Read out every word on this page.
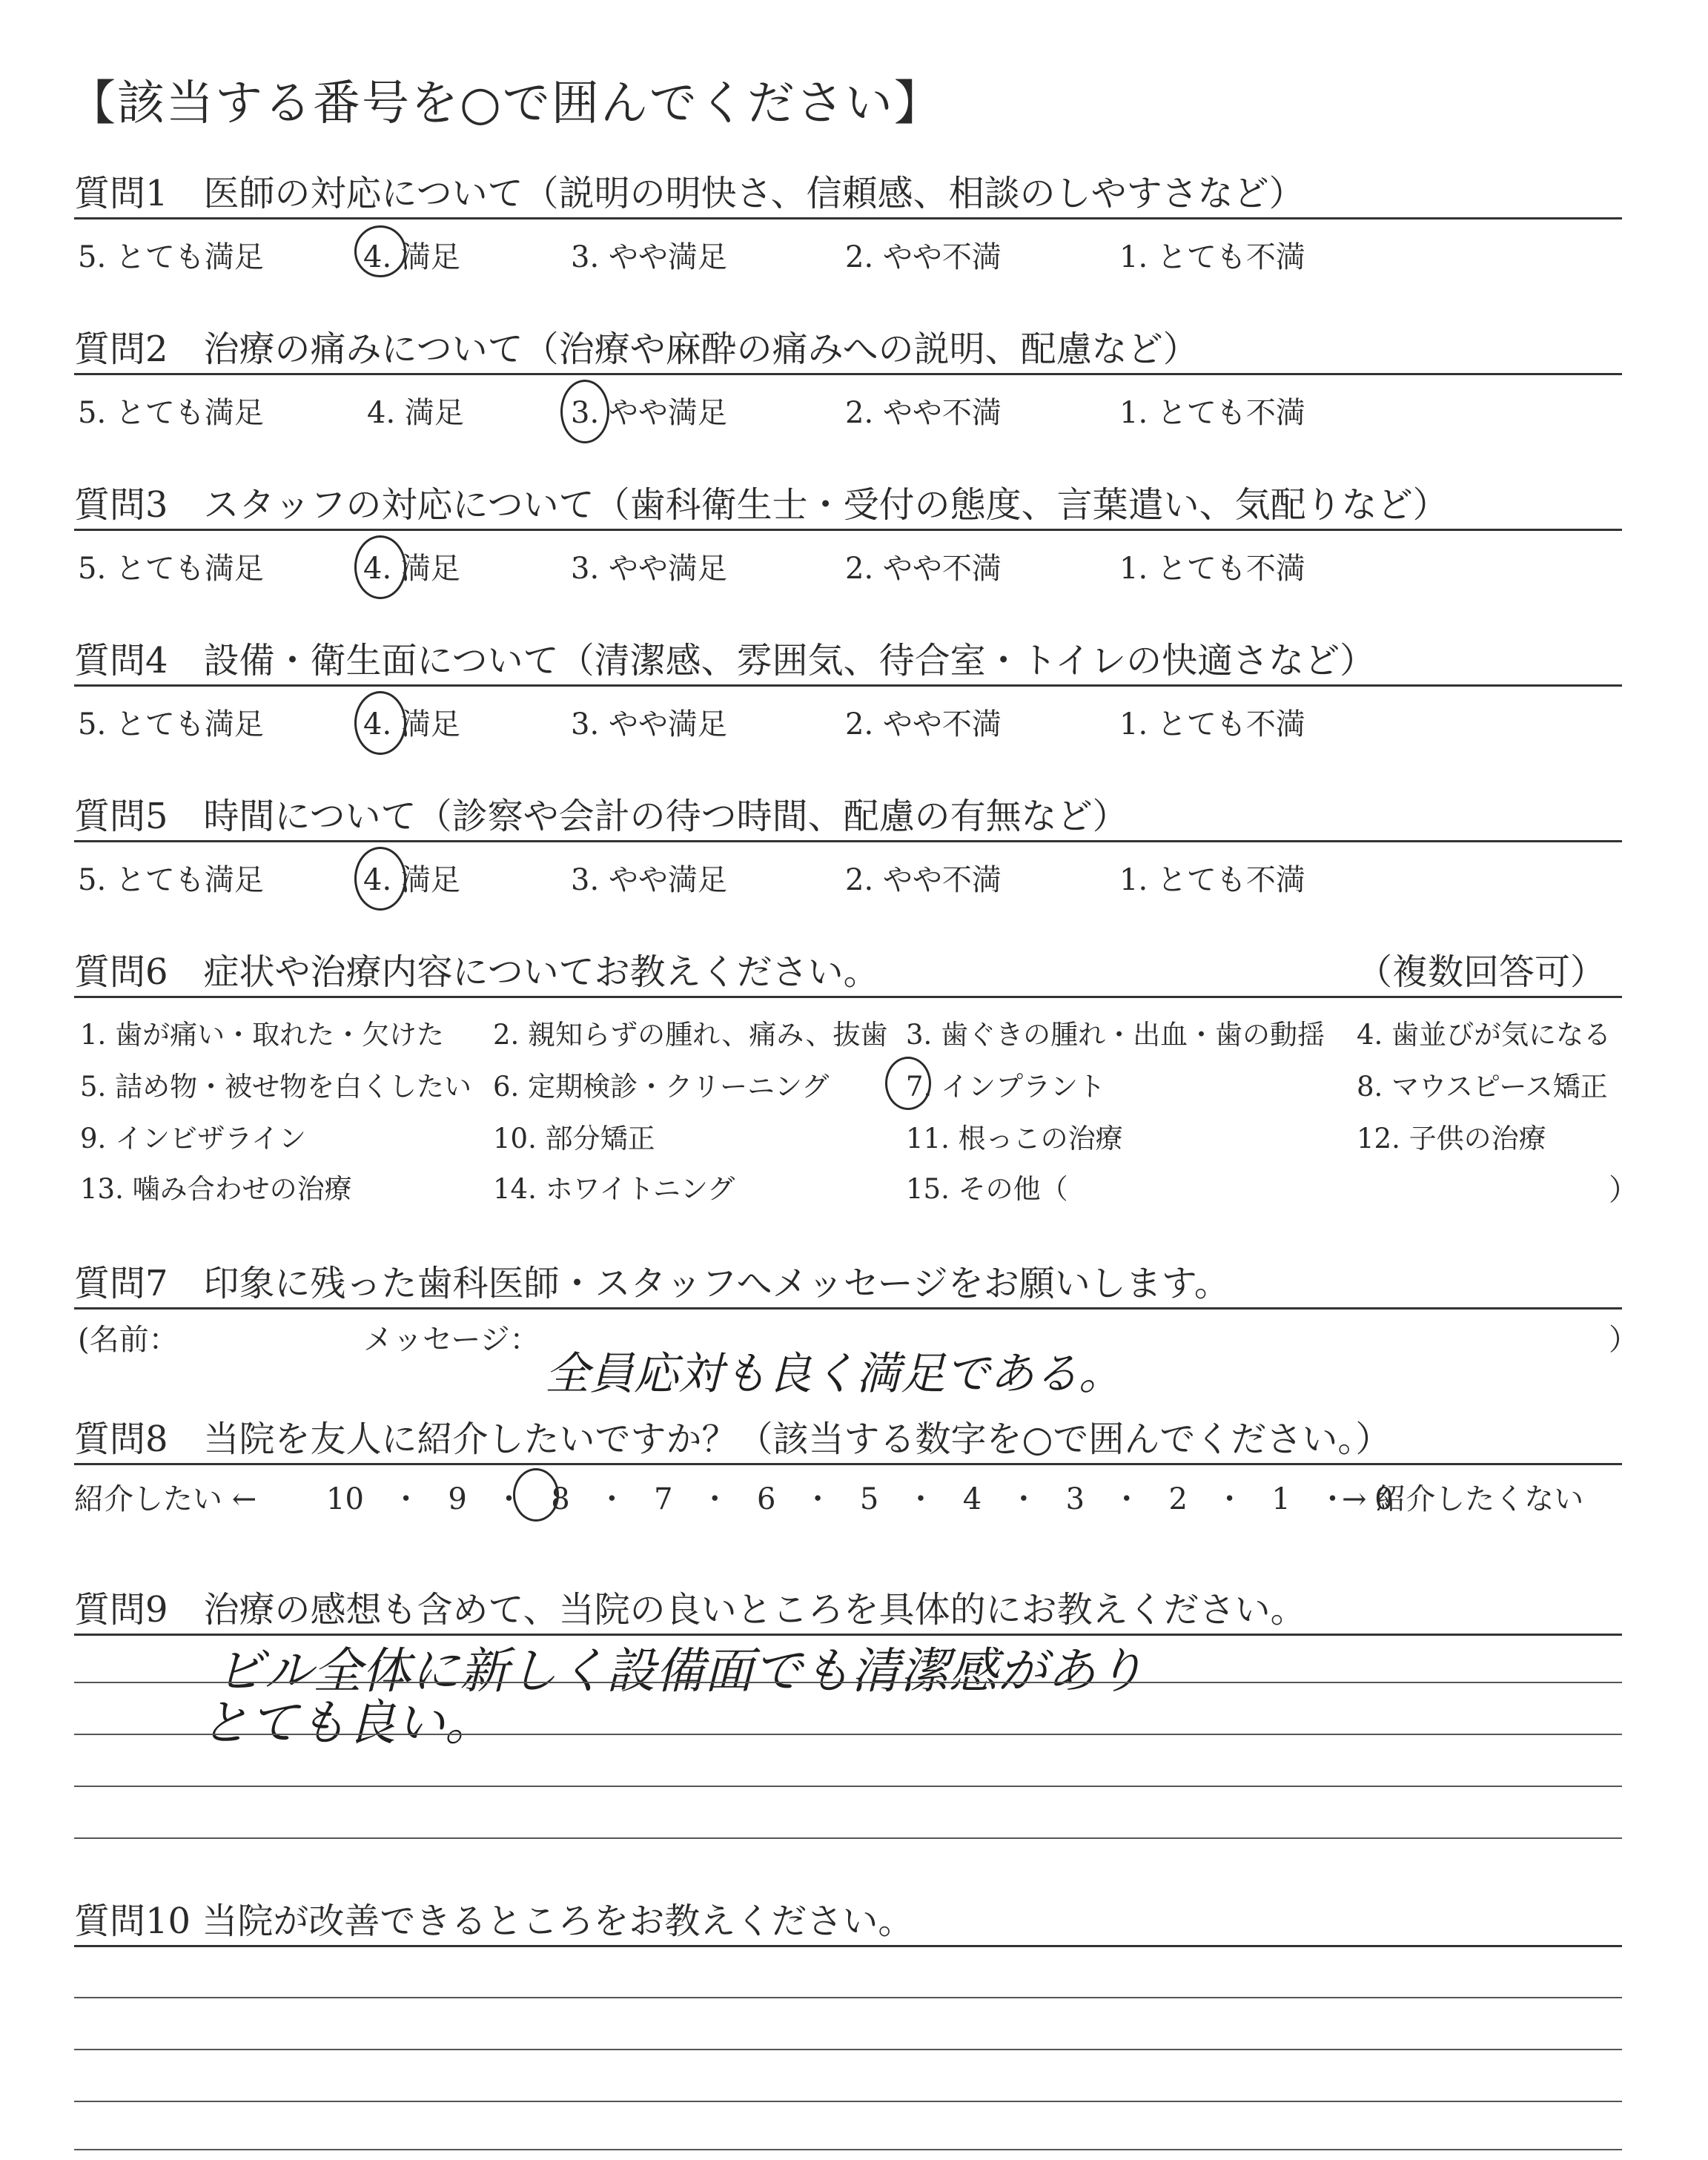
【該当する番号を○で囲んでください】
質問1　医師の対応について（説明の明快さ、信頼感、相談のしやすさなど）
5. とても満足	4. 満足	3. やや満足	2. やや不満	1. とても不満
質問2　治療の痛みについて（治療や麻酔の痛みへの説明、配慮など）
5. とても満足	4. 満足	3. やや満足	2. やや不満	1. とても不満
質問3　スタッフの対応について（歯科衛生士・受付の態度、言葉遣い、気配りなど）
5. とても満足	4. 満足	3. やや満足	2. やや不満	1. とても不満
質問4　設備・衛生面について（清潔感、雰囲気、待合室・トイレの快適さなど）
5. とても満足	4. 満足	3. やや満足	2. やや不満	1. とても不満
質問5　時間について（診察や会計の待つ時間、配慮の有無など）
5. とても満足	4. 満足	3. やや満足	2. やや不満	1. とても不満
質問6　症状や治療内容についてお教えください。	（複数回答可）
1. 歯が痛い・取れた・欠けた 2. 親知らずの腫れ、痛み、抜歯 3. 歯ぐきの腫れ・出血・歯の動揺 4. 歯並びが気になる
5. 詰め物・被せ物を白くしたい 6. 定期検診・クリーニング	7. インプラント	8. マウスピース矯正
9. インビザライン	10. 部分矯正	11. 根っこの治療	12. 子供の治療
13. 噛み合わせの治療	14. ホワイトニング	15. その他（	）
質問7　印象に残った歯科医師・スタッフへメッセージをお願いします。
(名前：	メッセージ：	）
全員応対も良く満足である。
質問8　当院を友人に紹介したいですか？（該当する数字を○で囲んでください。）
紹介したい ← 10 ・ 9 ・ 8 ・ 7 ・ 6 ・ 5 ・ 4 ・ 3 ・ 2 ・ 1 ・ 0
→ 紹介したくない
質問9　治療の感想も含めて、当院の良いところを具体的にお教えください。
ビル全体に新しく設備面でも清潔感があり
とても良い。
質問10 当院が改善できるところをお教えください。
